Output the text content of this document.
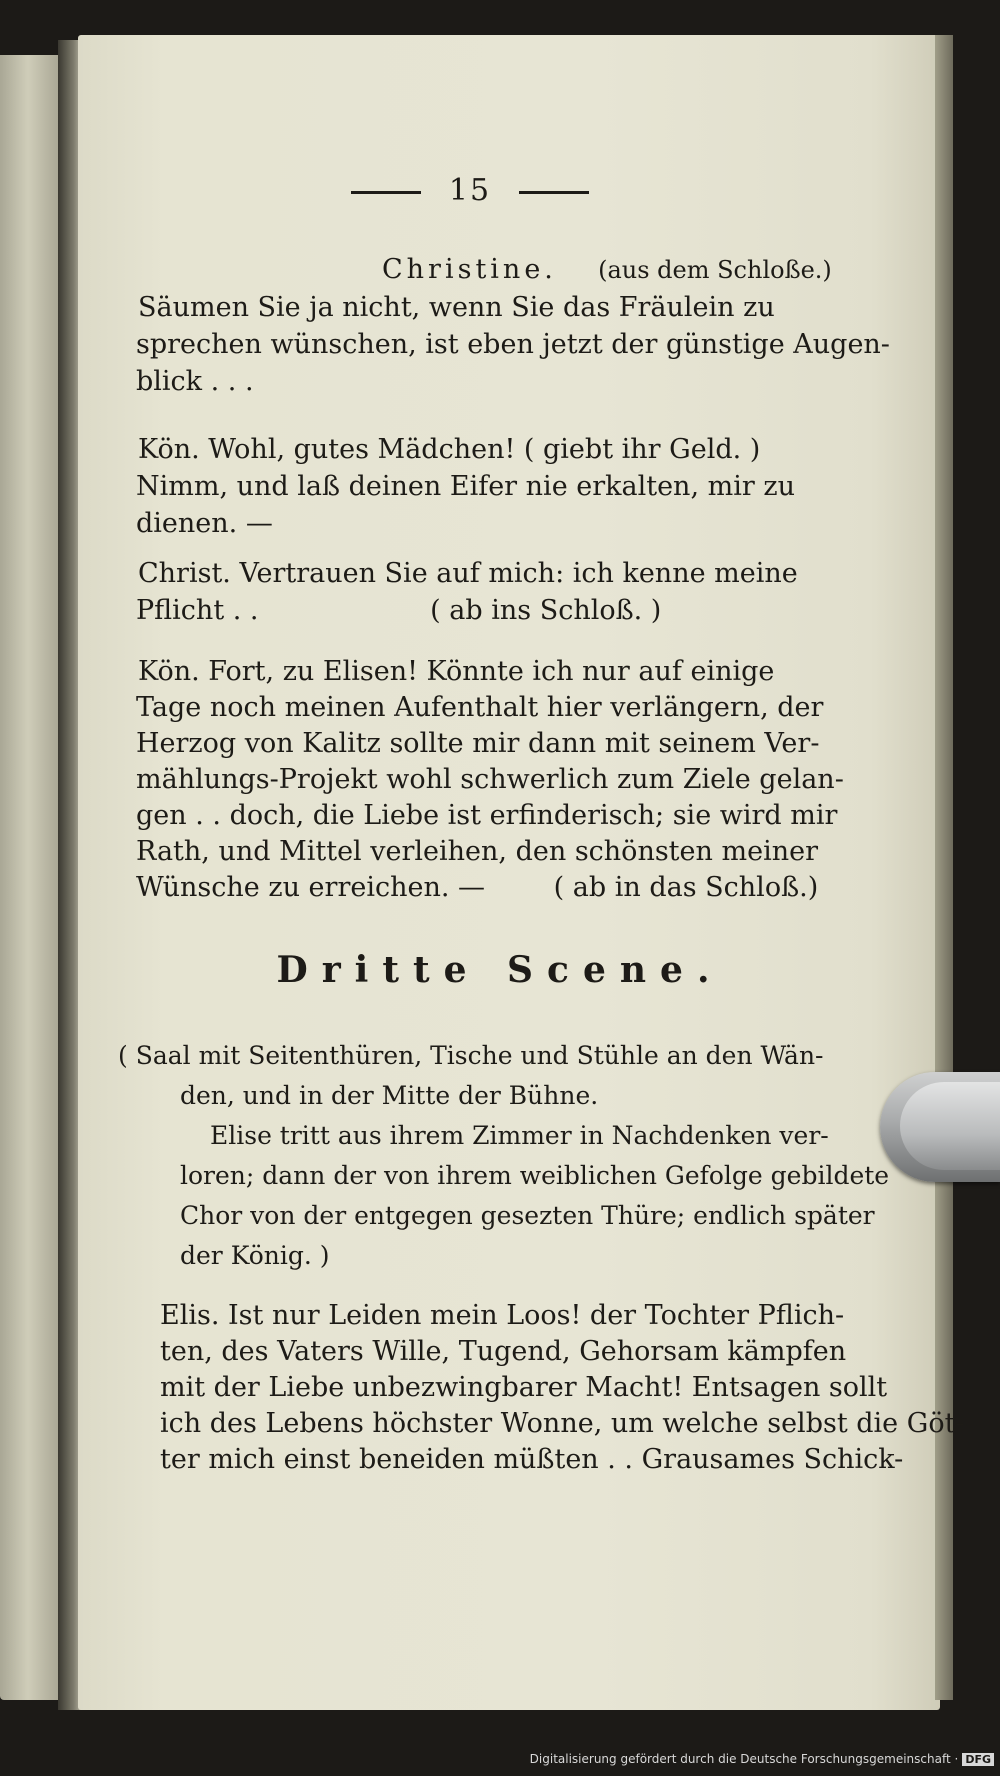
15
Christine. (aus dem Schloße.)
Säumen Sie ja nicht, wenn Sie das Fräulein zu
sprechen wünschen, ist eben jetzt der günstige Augen-
blick . . .
Kön. Wohl, gutes Mädchen! ( giebt ihr Geld. )
Nimm, und laß deinen Eifer nie erkalten, mir zu
dienen. —
Christ. Vertrauen Sie auf mich: ich kenne meine
Pflicht . .                    ( ab ins Schloß. )
Kön. Fort, zu Elisen! Könnte ich nur auf einige
Tage noch meinen Aufenthalt hier verlängern, der
Herzog von Kalitz sollte mir dann mit seinem Ver-
mählungs-Projekt wohl schwerlich zum Ziele gelan-
gen . . doch, die Liebe ist erfinderisch; sie wird mir
Rath, und Mittel verleihen, den schönsten meiner
Wünsche zu erreichen. —        ( ab in das Schloß.)
Dritte Scene.
( Saal mit Seitenthüren, Tische und Stühle an den Wän-
den, und in der Mitte der Bühne.
Elise tritt aus ihrem Zimmer in Nachdenken ver-
loren; dann der von ihrem weiblichen Gefolge gebildete
Chor von der entgegen gesezten Thüre; endlich später
der König. )
Elis. Ist nur Leiden mein Loos! der Tochter Pflich-
ten, des Vaters Wille, Tugend, Gehorsam kämpfen
mit der Liebe unbezwingbarer Macht! Entsagen sollt
ich des Lebens höchster Wonne, um welche selbst die Göt-
ter mich einst beneiden müßten . . Grausames Schick-
Digitalisierung gefördert durch die Deutsche Forschungsgemeinschaft · DFG
